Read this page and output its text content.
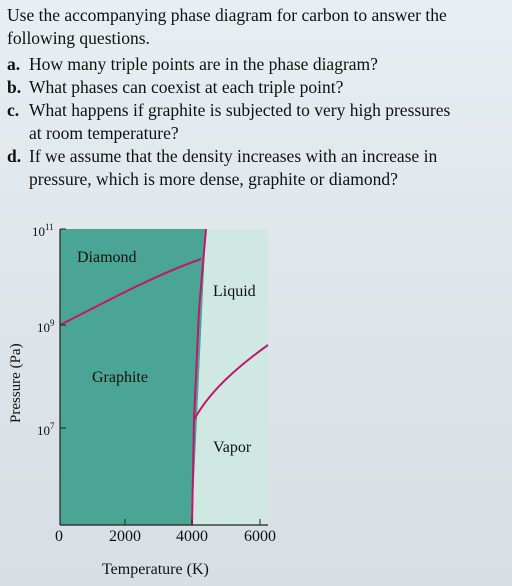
Use the accompanying phase diagram for carbon to answer the following questions.
a. How many triple points are in the phase diagram?
b. What phases can coexist at each triple point?
c. What happens if graphite is subjected to very high pressures
at room temperature?
d. If we assume that the density increases with an increase in
pressure, which is more dense, graphite or diamond?
Diamond
Liquid
Graphite
Vapor
$10^{11}$
$10^9$
$10^7$
0	2000 4000 6000
Pressure (Pa)
Temperature (K)
